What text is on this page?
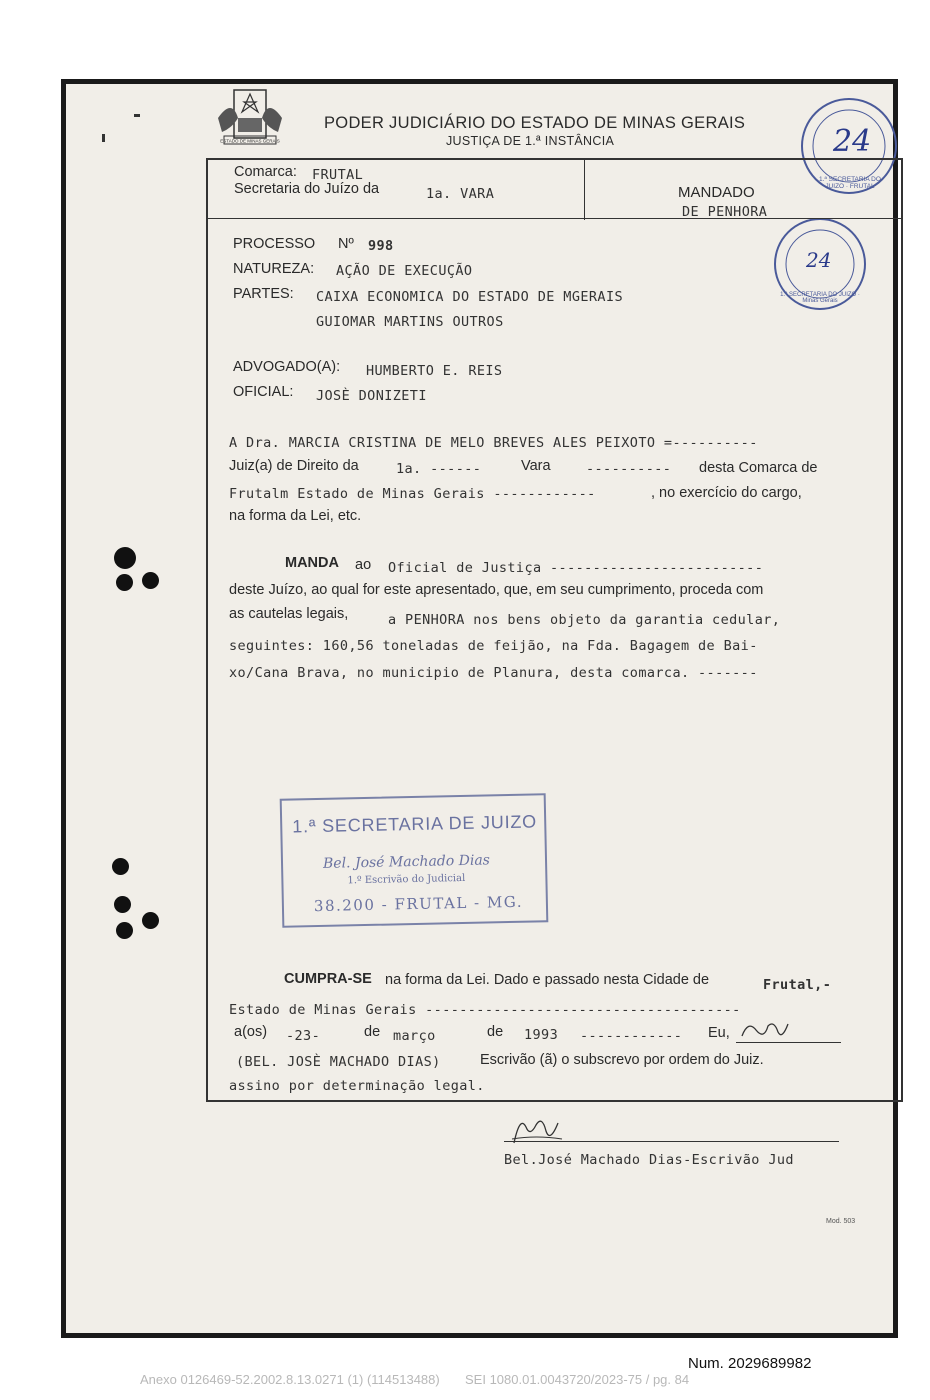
ESTADO DE MINAS GERAIS
PODER JUDICIÁRIO DO ESTADO DE MINAS GERAIS
JUSTIÇA DE 1.ª INSTÂNCIA
1.ª SECRETARIA DO JUIZO · FRUTAL
24
1.ª SECRETARIA DO JUIZO · Minas Gerais
24
Comarca: FRUTAL
Secretaria do Juízo da	1a. VARA	MANDADO
DE PENHORA
PROCESSO Nº 998
NATUREZA: AÇÃO DE EXECUÇÃO
PARTES: CAIXA ECONOMICA DO ESTADO DE MGERAIS
GUIOMAR MARTINS OUTROS
ADVOGADO(A): HUMBERTO E. REIS
OFICIAL: JOSÈ DONIZETI
A Dra. MARCIA CRISTINA DE MELO BREVES ALES PEIXOTO =----------
Juiz(a) de Direito da	1a. ------	Vara	---------- desta Comarca de
Frutalm Estado de Minas Gerais ------------	, no exercício do cargo,
na forma da Lei, etc.
MANDA ao Oficial de Justiça -------------------------
deste Juízo, ao qual for este apresentado, que, em seu cumprimento, proceda com
as cautelas legais,	a PENHORA nos bens objeto da garantia cedular,
seguintes: 160,56 toneladas de feijão, na Fda. Bagagem de Bai-
xo/Cana Brava, no municipio de Planura, desta comarca. -------
1.ª SECRETARIA DE JUIZO
Bel. José Machado Dias
1.º Escrivão do Judicial
38.200 - FRUTAL - MG.
CUMPRA-SE na forma da Lei. Dado e passado nesta Cidade de	Frutal,-
Estado de Minas Gerais -------------------------------------
a(os) -23-	de março	de 1993 ------------ Eu,
(BEL. JOSÈ MACHADO DIAS)	Escrivão (ã) o subscrevo por ordem do Juiz.
assino por determinação legal.
Bel.José Machado Dias-Escrivão Jud
Mod. 503
Num. 2029689982
Anexo 0126469-52.2002.8.13.0271 (1) (114513488)       SEI 1080.01.0043720/2023-75 / pg. 84
